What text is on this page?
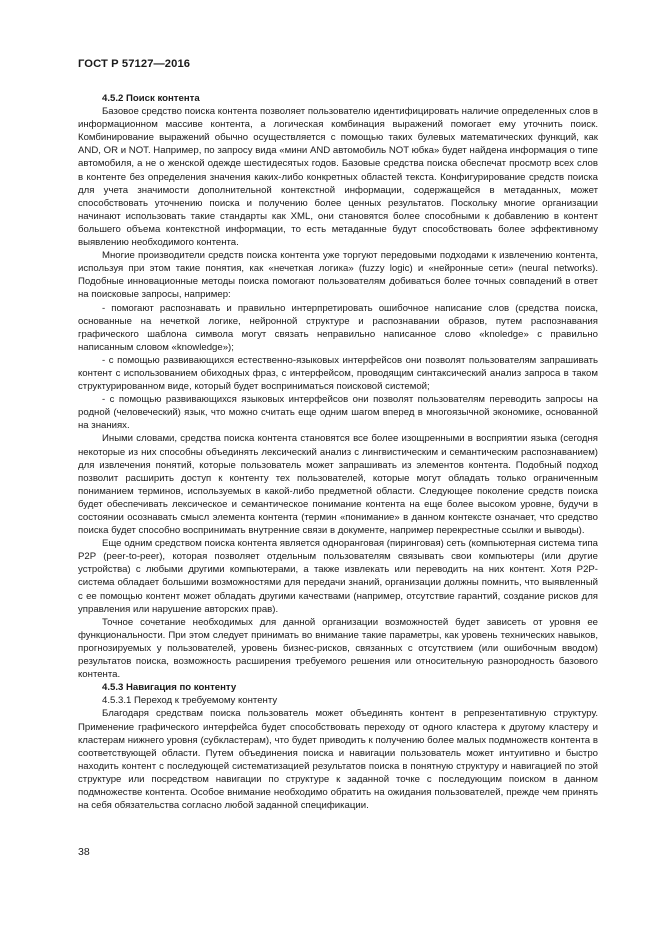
ГОСТ Р 57127—2016

4.5.2 Поиск контента

Базовое средство поиска контента позволяет пользователю идентифицировать наличие определенных слов в информационном массиве контента, а логическая комбинация выражений помогает ему уточнить поиск. Комбинирование выражений обычно осуществляется с помощью таких булевых математических функций, как AND, OR и NOT. Например, по запросу вида «мини AND автомобиль NOT юбка» будет найдена информация о типе автомобиля, а не о женской одежде шестидесятых годов. Базовые средства поиска обеспечат просмотр всех слов в контенте без определения значения каких-либо конкретных областей текста. Конфигурирование средств поиска для учета значимости дополнительной контекстной информации, содержащейся в метаданных, может способствовать уточнению поиска и получению более ценных результатов. Поскольку многие организации начинают использовать такие стандарты как XML, они становятся более способными к добавлению в контент большего объема контекстной информации, то есть метаданные будут способствовать более эффективному выявлению необходимого контента.

Многие производители средств поиска контента уже торгуют передовыми подходами к извлечению контента, используя при этом такие понятия, как «нечеткая логика» (fuzzy logic) и «нейронные сети» (neural networks). Подобные инновационные методы поиска помогают пользователям добиваться более точных совпадений в ответ на поисковые запросы, например:

- помогают распознавать и правильно интерпретировать ошибочное написание слов (средства поиска, основанные на нечеткой логике, нейронной структуре и распознавании образов, путем распознавания графического шаблона символа могут связать неправильно написанное слово «knoledge» с правильно написанным словом «knowledge»);

- с помощью развивающихся естественно-языковых интерфейсов они позволят пользователям запрашивать контент с использованием обиходных фраз, с интерфейсом, проводящим синтаксический анализ запроса в таком структурированном виде, который будет восприниматься поисковой системой;

- с помощью развивающихся языковых интерфейсов они позволят пользователям переводить запросы на родной (человеческий) язык, что можно считать еще одним шагом вперед в многоязычной экономике, основанной на знаниях.

Иными словами, средства поиска контента становятся все более изощренными в восприятии языка (сегодня некоторые из них способны объединять лексический анализ с лингвистическим и семантическим распознаванием) для извлечения понятий, которые пользователь может запрашивать из элементов контента. Подобный подход позволит расширить доступ к контенту тех пользователей, которые могут обладать только ограниченным пониманием терминов, используемых в какой-либо предметной области. Следующее поколение средств поиска будет обеспечивать лексическое и семантическое понимание контента на еще более высоком уровне, будучи в состоянии осознавать смысл элемента контента (термин «понимание» в данном контексте означает, что средство поиска будет способно воспринимать внутренние связи в документе, например перекрестные ссылки и выводы).

Еще одним средством поиска контента является одноранговая (пиринговая) сеть (компьютерная система типа P2P (peer-to-peer), которая позволяет отдельным пользователям связывать свои компьютеры (или другие устройства) с любыми другими компьютерами, а также извлекать или переводить на них контент. Хотя P2P-система обладает большими возможностями для передачи знаний, организации должны помнить, что выявленный с ее помощью контент может обладать другими качествами (например, отсутствие гарантий, создание рисков для управления или нарушение авторских прав).

Точное сочетание необходимых для данной организации возможностей будет зависеть от уровня ее функциональности. При этом следует принимать во внимание такие параметры, как уровень технических навыков, прогнозируемых у пользователей, уровень бизнес-рисков, связанных с отсутствием (или ошибочным вводом) результатов поиска, возможность расширения требуемого решения или относительную разнородность базового контента.

4.5.3 Навигация по контенту

4.5.3.1 Переход к требуемому контенту

Благодаря средствам поиска пользователь может объединять контент в репрезентативную структуру. Применение графического интерфейса будет способствовать переходу от одного кластера к другому кластеру и кластерам нижнего уровня (субкластерам), что будет приводить к получению более малых подмножеств контента в соответствующей области. Путем объединения поиска и навигации пользователь может интуитивно и быстро находить контент с последующей систематизацией результатов поиска в понятную структуру и навигацией по этой структуре или посредством навигации по структуре к заданной точке с последующим поиском в данном подмножестве контента. Особое внимание необходимо обратить на ожидания пользователей, прежде чем принять на себя обязательства согласно любой заданной спецификации.

38
